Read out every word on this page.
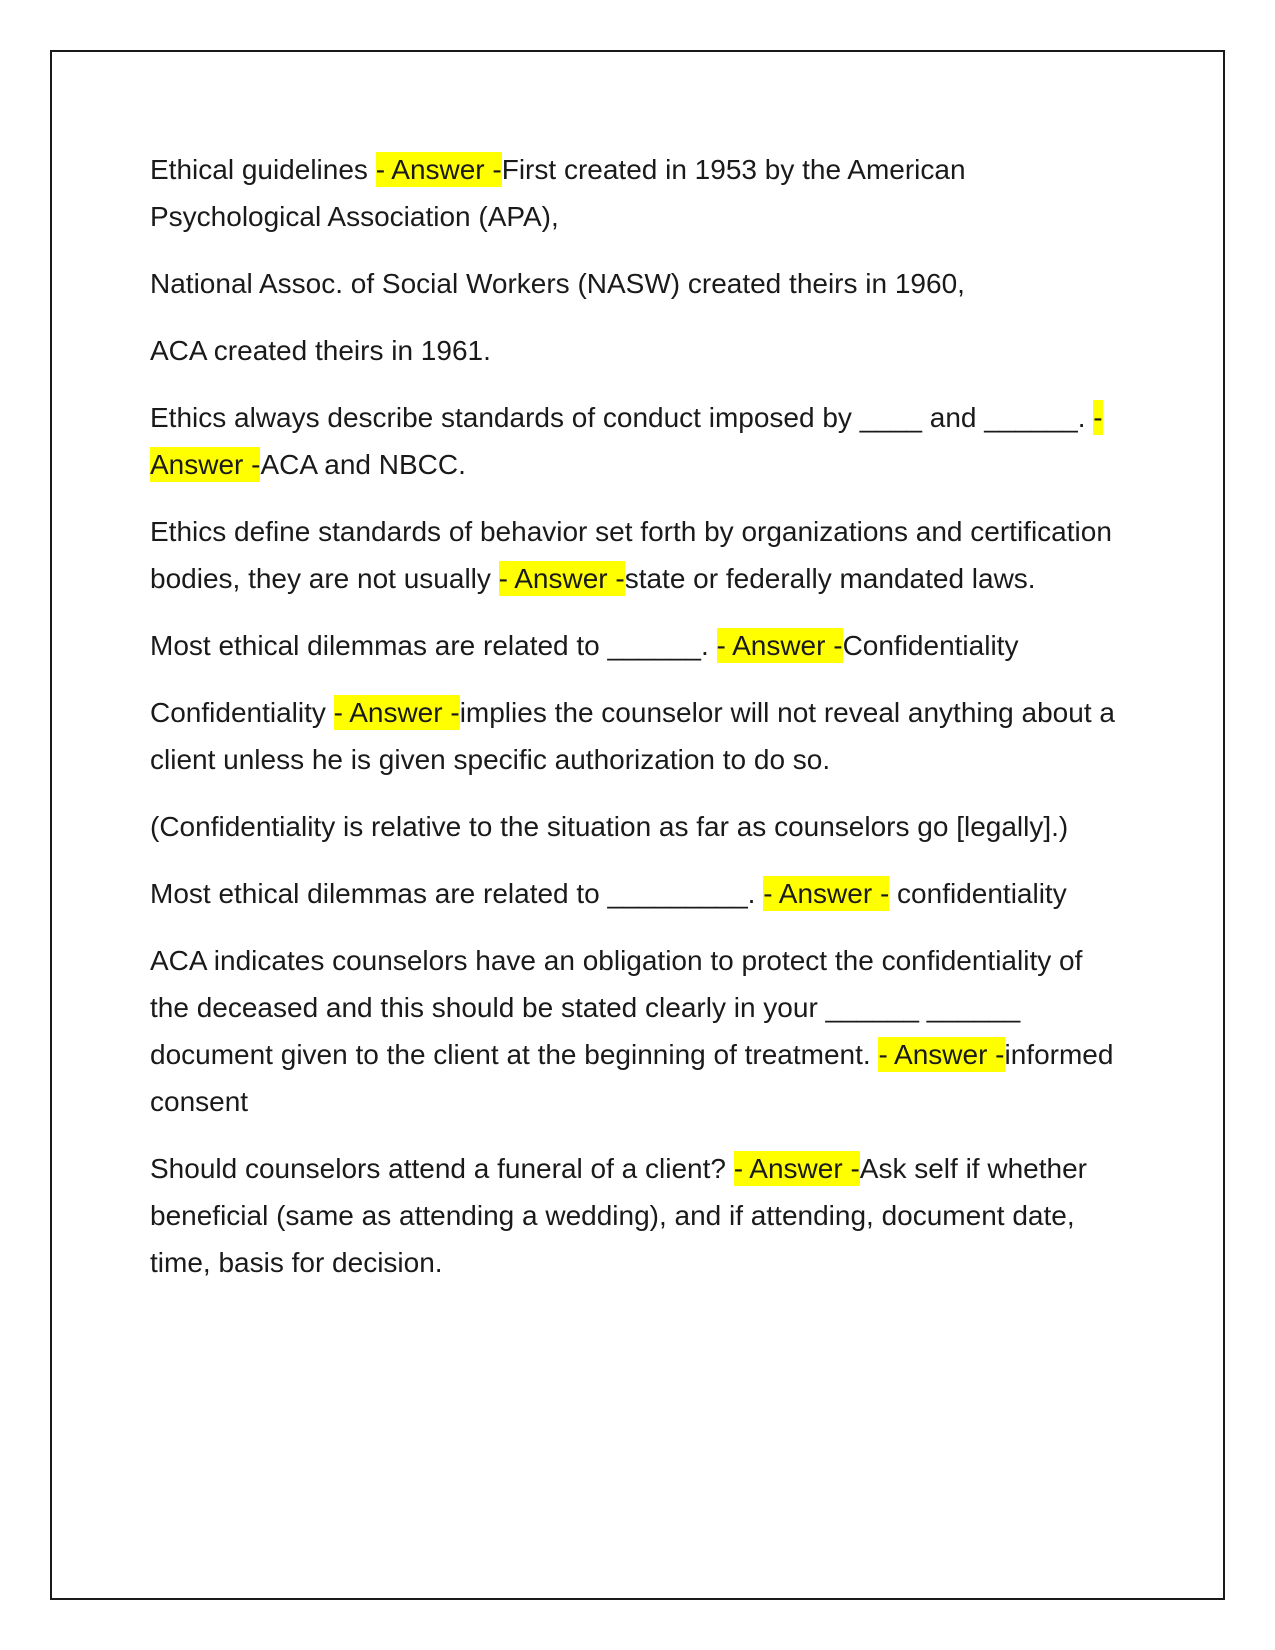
Ethical guidelines - Answer -First created in 1953 by the American Psychological Association (APA),

National Assoc. of Social Workers (NASW) created theirs in 1960,

ACA created theirs in 1961.

Ethics always describe standards of conduct imposed by ____ and ______. - Answer -ACA and NBCC.

Ethics define standards of behavior set forth by organizations and certification bodies, they are not usually - Answer -state or federally mandated laws.

Most ethical dilemmas are related to ______. - Answer -Confidentiality

Confidentiality - Answer -implies the counselor will not reveal anything about a client unless he is given specific authorization to do so.

(Confidentiality is relative to the situation as far as counselors go [legally].)

Most ethical dilemmas are related to _________. - Answer - confidentiality

ACA indicates counselors have an obligation to protect the confidentiality of the deceased and this should be stated clearly in your ______ ______ document given to the client at the beginning of treatment. - Answer -informed consent

Should counselors attend a funeral of a client? - Answer -Ask self if whether beneficial (same as attending a wedding), and if attending, document date, time, basis for decision.
